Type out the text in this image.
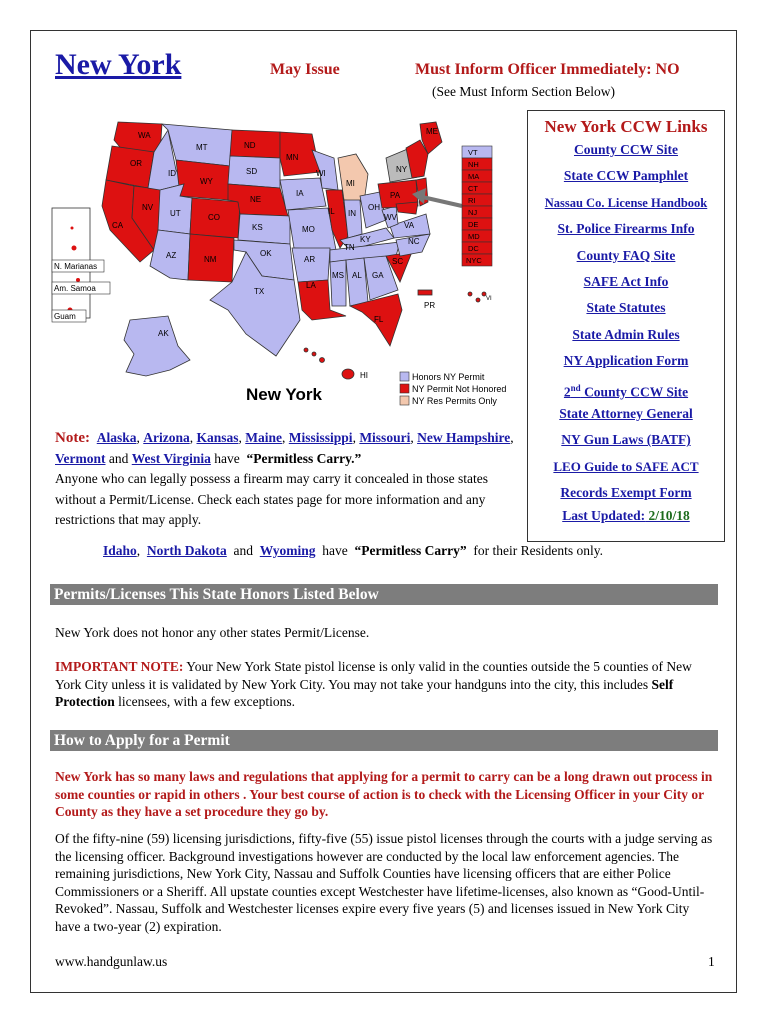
New York	May Issue	Must Inform Officer Immediately: NO
(See Must Inform Section Below)
N. Marianas
Am. Samoa
Guam
WA
MT	ND
MN
OR
ID	SD	WI
MI
WY
NE
IA
IL IN
OH
PA
NY
NV
UT	CO
KS	MO
KY
WV
VA
CA
AZ	NM
OK
AR
TN
NC
TX
LA
MS AL GA
SC
FL
AK
HI
ME
PR
VI
VT
NH
MA
CT
RI
NJ
DE
MD
DC
NYC
New York
Honors NY Permit
NY Permit Not Honored
NY Res Permits Only
New York CCW Links
County CCW Site
State CCW Pamphlet
Nassau Co. License Handbook
St. Police Firearms Info
County FAQ Site
SAFE Act Info
State Statutes
State Admin Rules
NY Application Form
2nd County CCW Site
State Attorney General
NY Gun Laws (BATF)
LEO Guide to SAFE ACT
Records Exempt Form
Last Updated: 2/10/18
Note: Alaska, Arizona, Kansas, Maine, Mississippi, Missouri, New Hampshire,  Vermont and West Virginia have “Permitless Carry.”
Anyone who can legally possess a firearm may carry it concealed in those states without a Permit/License. Check each states page for more information and any restrictions that may apply.
Idaho,  North Dakota and Wyoming have “Permitless Carry” for their Residents only.
Permits/Licenses This State Honors Listed Below
New York does not honor any other states Permit/License.
IMPORTANT NOTE: Your New York State pistol license is only valid in the counties outside the 5 counties of New York City unless it is validated by New York City. You may not take your handguns into the city, this includes Self Protection licensees, with a few exceptions.
How to Apply for a Permit
New York has so many laws and regulations that applying for a permit to carry can be a long drawn out process in some counties or rapid in others . Your best course of action is to check with the Licensing Officer in your City or County as they have a set procedure they go by.
Of the fifty-nine (59) licensing jurisdictions, fifty-five (55) issue pistol licenses through the courts with a judge serving as the licensing officer. Background investigations however are conducted by the local law enforcement agencies. The remaining jurisdictions, New York City, Nassau and Suffolk Counties have licensing officers that are either Police Commissioners or a Sheriff. All upstate counties except Westchester have lifetime-licenses, also known as “Good-Until-Revoked”. Nassau, Suffolk and Westchester licenses expire every five years (5) and licenses issued in New York City have a two-year (2) expiration.
www.handgunlaw.us	1
